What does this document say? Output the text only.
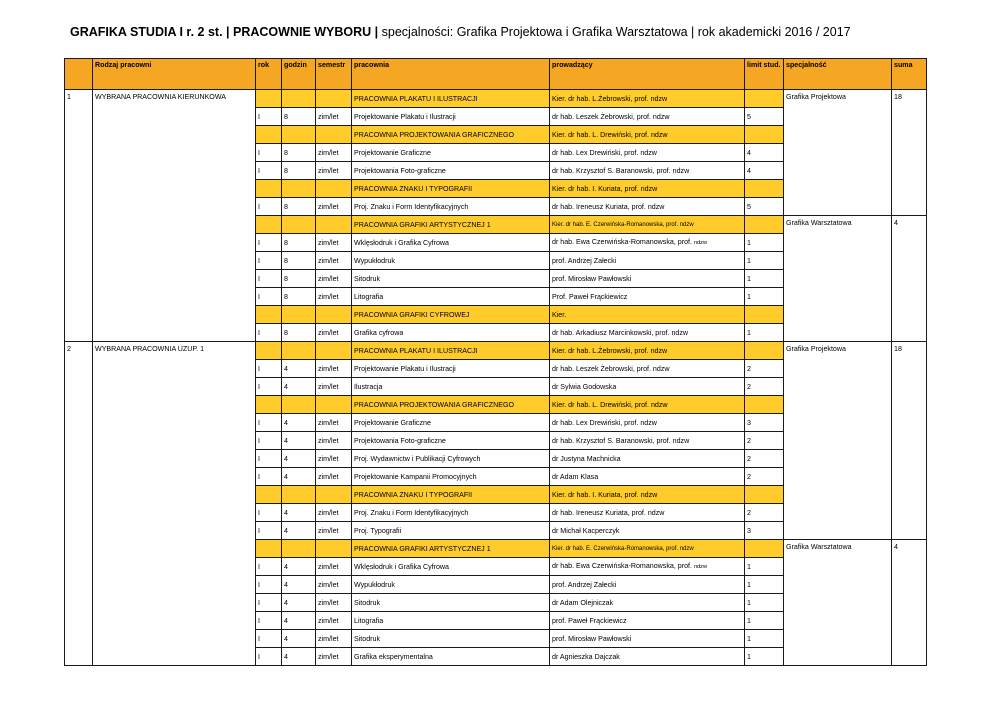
GRAFIKA STUDIA I r. 2 st. | PRACOWNIE WYBORU | specjalności: Grafika Projektowa i Grafika Warsztatowa | rok akademicki 2016 / 2017
	Rodzaj pracowni	rok	godzin	semestr	pracownia	prowadzący	limit stud.	specjalność	suma
1	WYBRANA PRACOWNIA KIERUNKOWA				PRACOWNIA PLAKATU I ILUSTRACJI	Kier. dr hab. L.Żebrowski, prof. ndzw		Grafika Projektowa	18
		I	8	zim/let	Projektowanie Plakatu i Ilustracji	dr hab. Leszek Żebrowski, prof. ndzw	5		
					PRACOWNIA PROJEKTOWANIA GRAFICZNEGO	Kier. dr hab. L. Drewiński, prof. ndzw			
		I	8	zim/let	Projektowanie Graficzne	dr hab. Lex Drewiński, prof. ndzw	4		
		I	8	zim/let	Projektowania Foto-graficzne	dr hab. Krzysztof S. Baranowski, prof. ndzw	4		
					PRACOWNIA ZNAKU I TYPOGRAFII	Kier. dr hab. I. Kuriata, prof. ndzw			
		I	8	zim/let	Proj. Znaku i Form Identyfikacyjnych	dr hab. Ireneusz Kuriata, prof. ndzw	5		
					PRACOWNIA GRAFIKI ARTYSTYCZNEJ 1	Kier. dr hab. E. Czerwińska-Romanowska, prof. ndzw		Grafika Warsztatowa	4
		I	8	zim/let	Wklęsłodruk i Grafika Cyfrowa	dr hab. Ewa Czerwińska-Romanowska, prof. ndzw	1		
		I	8	zim/let	Wypukłodruk	prof. Andrzej Załecki	1		
		I	8	zim/let	Sitodruk	prof. Mirosław Pawłowski	1		
		I	8	zim/let	Litografia	Prof. Paweł Frąckiewicz	1		
					PRACOWNIA GRAFIKI CYFROWEJ	Kier.			
		I	8	zim/let	Grafika cyfrowa	dr hab. Arkadiusz Marcinkowski, prof. ndzw	1		
2	WYBRANA PRACOWNIA UZUP. 1				PRACOWNIA PLAKATU I ILUSTRACJI	Kier. dr hab. L.Żebrowski, prof. ndzw		Grafika Projektowa	18
		I	4	zim/let	Projektowanie Plakatu i Ilustracji	dr hab. Leszek Żebrowski, prof. ndzw	2		
		I	4	zim/let	Ilustracja	dr Sylwia Godowska	2		
					PRACOWNIA PROJEKTOWANIA GRAFICZNEGO	Kier. dr hab. L. Drewiński, prof. ndzw			
		I	4	zim/let	Projektowanie Graficzne	dr hab. Lex Drewiński, prof. ndzw	3		
		I	4	zim/let	Projektowania Foto-graficzne	dr hab. Krzysztof S. Baranowski, prof. ndzw	2		
		I	4	zim/let	Proj. Wydawnictw i Publikacji Cyfrowych	dr Justyna Machnicka	2		
		I	4	zim/let	Projektowanie Kampanii Promocyjnych	dr Adam Klasa	2		
					PRACOWNIA ZNAKU I TYPOGRAFII	Kier. dr hab. I. Kuriata, prof. ndzw			
		I	4	zim/let	Proj. Znaku i Form Identyfikacyjnych	dr hab. Ireneusz Kuriata, prof. ndzw	2		
		I	4	zim/let	Proj. Typografii	dr Michał Kacperczyk	3		
					PRACOWNIA GRAFIKI ARTYSTYCZNEJ 1	Kier. dr hab. E. Czerwińska-Romanowska, prof. ndzw		Grafika Warsztatowa	4
		I	4	zim/let	Wklęsłodruk i Grafika Cyfrowa	dr hab. Ewa Czerwińska-Romanowska, prof. ndzw	1		
		I	4	zim/let	Wypukłodruk	prof. Andrzej Załecki	1		
		I	4	zim/let	Sitodruk	dr Adam Olejniczak	1		
		I	4	zim/let	Litografia	prof. Paweł Frąckiewicz	1		
		I	4	zim/let	Sitodruk	prof. Mirosław Pawłowski	1		
		I	4	zim/let	Grafika eksperymentalna	dr Agnieszka Dajczak	1		
